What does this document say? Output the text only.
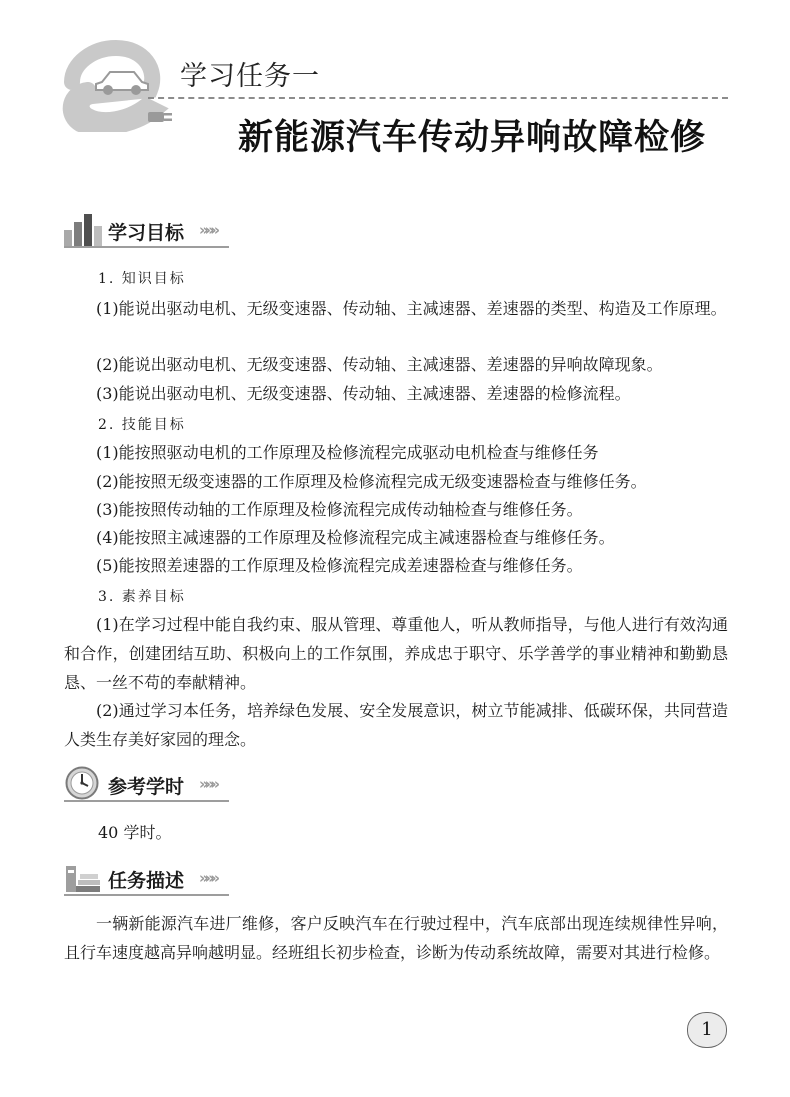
学习任务一
新能源汽车传动异响故障检修
学习目标 »»»
1. 知识目标
(1)能说出驱动电机、无级变速器、传动轴、主减速器、差速器的类型、构造及工作原理。
(2)能说出驱动电机、无级变速器、传动轴、主减速器、差速器的异响故障现象。
(3)能说出驱动电机、无级变速器、传动轴、主减速器、差速器的检修流程。
2. 技能目标
(1)能按照驱动电机的工作原理及检修流程完成驱动电机检查与维修任务
(2)能按照无级变速器的工作原理及检修流程完成无级变速器检查与维修任务。
(3)能按照传动轴的工作原理及检修流程完成传动轴检查与维修任务。
(4)能按照主减速器的工作原理及检修流程完成主减速器检查与维修任务。
(5)能按照差速器的工作原理及检修流程完成差速器检查与维修任务。
3. 素养目标
(1)在学习过程中能自我约束、服从管理、尊重他人，听从教师指导，与他人进行有效沟通和合作，创建团结互助、积极向上的工作氛围，养成忠于职守、乐学善学的事业精神和勤勤恳恳、一丝不苟的奉献精神。
(2)通过学习本任务，培养绿色发展、安全发展意识，树立节能减排、低碳环保，共同营造人类生存美好家园的理念。
参考学时 »»»
40 学时。
任务描述 »»»
一辆新能源汽车进厂维修，客户反映汽车在行驶过程中，汽车底部出现连续规律性异响，且行车速度越高异响越明显。经班组长初步检查，诊断为传动系统故障，需要对其进行检修。
1
